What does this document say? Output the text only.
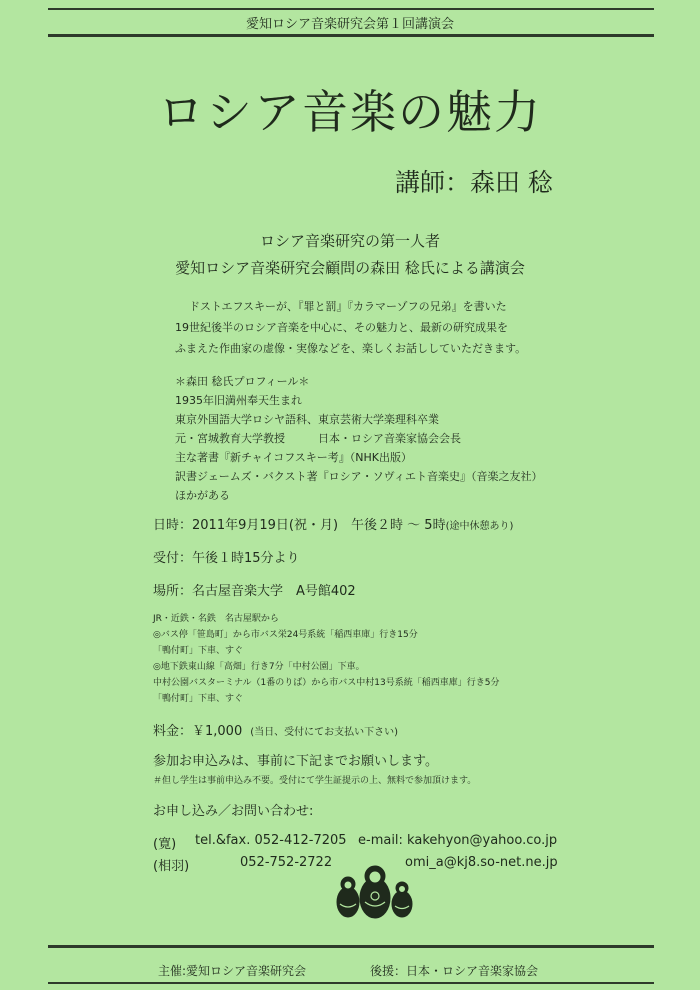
愛知ロシア音楽研究会第１回講演会
ロシア音楽の魅力
講師：森田 稔
ロシア音楽研究の第一人者
愛知ロシア音楽研究会顧問の森田 稔氏による講演会
ドストエフスキーが、『罪と罰』『カラマーゾフの兄弟』を書いた
19世紀後半のロシア音楽を中心に、その魅力と、最新の研究成果を
ふまえた作曲家の虚像・実像などを、楽しくお話ししていただきます。
＊森田 稔氏プロフィール＊
1935年旧満州奉天生まれ
東京外国語大学ロシヤ語科、東京芸術大学楽理科卒業
元・宮城教育大学教授　　　日本・ロシア音楽家協会会長
主な著書『新チャイコフスキー考』（NHK出版）
訳書ジェームズ・バクスト著『ロシア・ソヴィエト音楽史』（音楽之友社）
ほかがある
日時：2011年9月19日(祝・月)　午後２時 〜 5時(途中休憩あり)
受付：午後１時15分より
場所：名古屋音楽大学　A号館402
JR・近鉄・名鉄　名古屋駅から
◎バス停「笹島町」から市バス栄24号系統「稲西車庫」行き15分
「鴨付町」下車、すぐ
◎地下鉄東山線「高畑」行き7分「中村公園」下車。
中村公園バスターミナル（1番のりば）から市バス中村13号系統「稲西車庫」行き5分
「鴨付町」下車、すぐ
料金：￥1,000 (当日、受付にてお支払い下さい)
参加お申込みは、事前に下記までお願いします。
＃但し学生は事前申込み不要。受付にて学生証提示の上、無料で参加頂けます。
お申し込み／お問い合わせ:
(寛) tel.&fax. 052-412-7205 e-mail: kakehyon@yahoo.co.jp
(相羽)	052-752-2722	omi_a@kj8.so-net.ne.jp
主催:愛知ロシア音楽研究会	後援：日本・ロシア音楽家協会
